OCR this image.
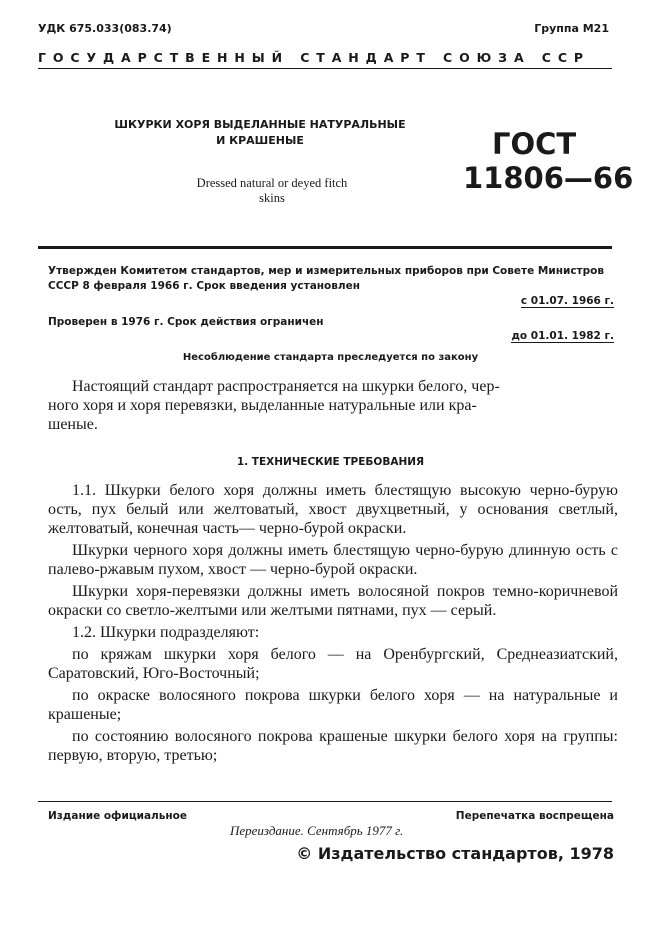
УДК 675.033(083.74)	Группа М21
ГОСУДАРСТВЕННЫЙ СТАНДАРТ СОЮЗА ССР
ШКУРКИ ХОРЯ ВЫДЕЛАННЫЕ НАТУРАЛЬНЫЕ
И КРАШЕНЫЕ	ГОСТ
11806—66
Dressed natural or deyed fitch
skins
Утвержден Комитетом стандартов, мер и измерительных приборов при Совете Министров СССР 8 февраля 1966 г. Срок введения установлен
с 01.07. 1966 г.
Проверен в 1976 г. Срок действия ограничен
до 01.01. 1982 г.
Несоблюдение стандарта преследуется по закону
Настоящий стандарт распространяется на шкурки белого, чер-
ного хоря и хоря перевязки, выделанные натуральные или кра-
шеные.
1. ТЕХНИЧЕСКИЕ ТРЕБОВАНИЯ

1.1. Шкурки белого хоря должны иметь блестящую высокую черно-бурую ость, пух белый или желтоватый, хвост двухцветный, у основания светлый, желтоватый, конечная часть— черно-бурой окраски.

Шкурки черного хоря должны иметь блестящую черно-бурую длинную ость с палево-ржавым пухом, хвост — черно-бурой окраски.

Шкурки хоря-перевязки должны иметь волосяной покров темно-коричневой окраски со светло-желтыми или желтыми пятнами, пух — серый.

1.2. Шкурки подразделяют:

по кряжам шкурки хоря белого — на Оренбургский, Среднеазиатский, Саратовский, Юго-Восточный;

по окраске волосяного покрова шкурки белого хоря — на натуральные и крашеные;

по состоянию волосяного покрова крашеные шкурки белого хоря на группы: первую, вторую, третью;

Издание официальное	Перепечатка воспрещена
Переиздание. Сентябрь 1977 г.
© Издательство стандартов, 1978
